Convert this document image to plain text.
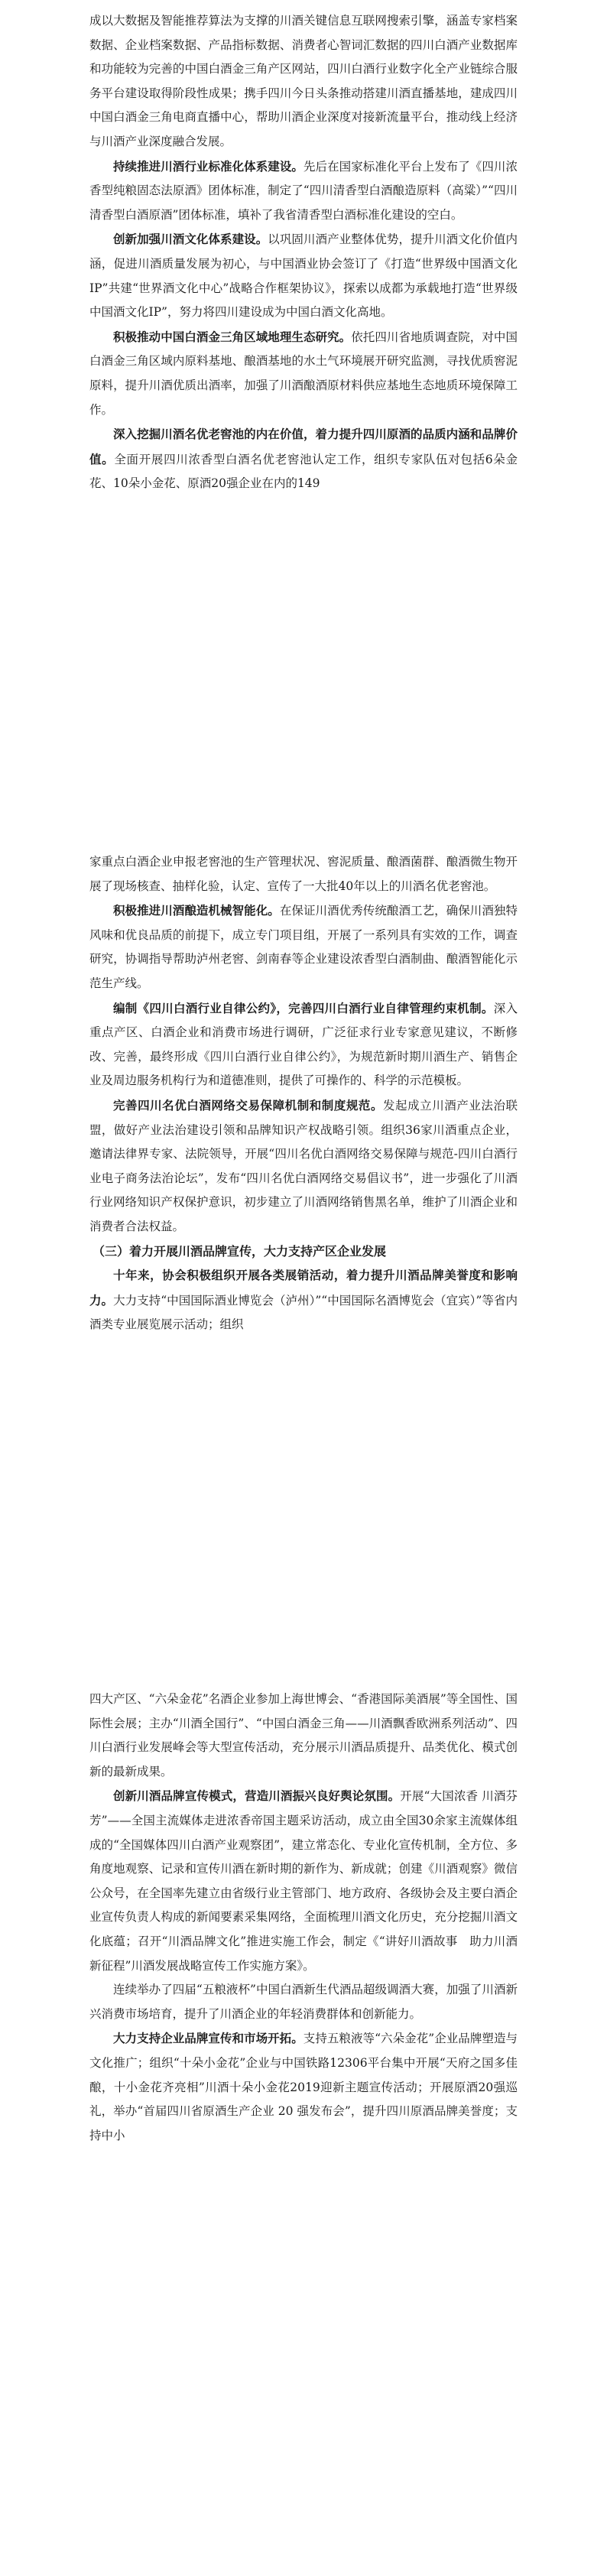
成以大数据及智能推荐算法为支撑的川酒关键信息互联网搜索引擎，涵盖专家档案数据、企业档案数据、产品指标数据、消费者心智词汇数据的四川白酒产业数据库和功能较为完善的中国白酒金三角产区网站，四川白酒行业数字化全产业链综合服务平台建设取得阶段性成果；携手四川今日头条推动搭建川酒直播基地，建成四川中国白酒金三角电商直播中心，帮助川酒企业深度对接新流量平台，推动线上经济与川酒产业深度融合发展。

持续推进川酒行业标准化体系建设。先后在国家标准化平台上发布了《四川浓香型纯粮固态法原酒》团体标准，制定了“四川清香型白酒酿造原料（高粱）”“四川清香型白酒原酒”团体标准，填补了我省清香型白酒标准化建设的空白。

创新加强川酒文化体系建设。以巩固川酒产业整体优势，提升川酒文化价值内涵，促进川酒质量发展为初心，与中国酒业协会签订了《打造“世界级中国酒文化IP”共建“世界酒文化中心”战略合作框架协议》，探索以成都为承载地打造“世界级中国酒文化IP”，努力将四川建设成为中国白酒文化高地。

积极推动中国白酒金三角区域地理生态研究。依托四川省地质调查院，对中国白酒金三角区域内原料基地、酿酒基地的水土气环境展开研究监测，寻找优质窖泥原料，提升川酒优质出酒率，加强了川酒酿酒原材料供应基地生态地质环境保障工作。

深入挖掘川酒名优老窖池的内在价值，着力提升四川原酒的品质内涵和品牌价值。全面开展四川浓香型白酒名优老窖池认定工作，组织专家队伍对包括6朵金花、10朵小金花、原酒20强企业在内的149

家重点白酒企业申报老窖池的生产管理状况、窖泥质量、酿酒菌群、酿酒微生物开展了现场核查、抽样化验，认定、宣传了一大批40年以上的川酒名优老窖池。

积极推进川酒酿造机械智能化。在保证川酒优秀传统酿酒工艺，确保川酒独特风味和优良品质的前提下，成立专门项目组，开展了一系列具有实效的工作，调查研究，协调指导帮助泸州老窖、剑南春等企业建设浓香型白酒制曲、酿酒智能化示范生产线。

编制《四川白酒行业自律公约》，完善四川白酒行业自律管理约束机制。深入重点产区、白酒企业和消费市场进行调研，广泛征求行业专家意见建议，不断修改、完善，最终形成《四川白酒行业自律公约》，为规范新时期川酒生产、销售企业及周边服务机构行为和道德准则，提供了可操作的、科学的示范模板。

完善四川名优白酒网络交易保障机制和制度规范。发起成立川酒产业法治联盟，做好产业法治建设引领和品牌知识产权战略引领。组织36家川酒重点企业，邀请法律界专家、法院领导，开展“四川名优白酒网络交易保障与规范-四川白酒行业电子商务法治论坛”，发布“四川名优白酒网络交易倡议书”，进一步强化了川酒行业网络知识产权保护意识，初步建立了川酒网络销售黑名单，维护了川酒企业和消费者合法权益。

（三）着力开展川酒品牌宣传，大力支持产区企业发展

十年来，协会积极组织开展各类展销活动，着力提升川酒品牌美誉度和影响力。大力支持“中国国际酒业博览会（泸州）”“中国国际名酒博览会（宜宾）”等省内酒类专业展览展示活动；组织

四大产区、“六朵金花”名酒企业参加上海世博会、“香港国际美酒展”等全国性、国际性会展；主办“川酒全国行”、“中国白酒金三角——川酒飘香欧洲系列活动”、四川白酒行业发展峰会等大型宣传活动，充分展示川酒品质提升、品类优化、模式创新的最新成果。

创新川酒品牌宣传模式，营造川酒振兴良好舆论氛围。开展“大国浓香 川酒芬芳”——全国主流媒体走进浓香帝国主题采访活动，成立由全国30余家主流媒体组成的“全国媒体四川白酒产业观察团”，建立常态化、专业化宣传机制，全方位、多角度地观察、记录和宣传川酒在新时期的新作为、新成就；创建《川酒观察》微信公众号，在全国率先建立由省级行业主管部门、地方政府、各级协会及主要白酒企业宣传负责人构成的新闻要素采集网络，全面梳理川酒文化历史，充分挖掘川酒文化底蕴；召开“川酒品牌文化”推进实施工作会，制定《“讲好川酒故事　助力川酒新征程”川酒发展战略宣传工作实施方案》。

连续举办了四届“五粮液杯”中国白酒新生代酒品超级调酒大赛，加强了川酒新兴消费市场培育，提升了川酒企业的年轻消费群体和创新能力。

大力支持企业品牌宣传和市场开拓。支持五粮液等“六朵金花”企业品牌塑造与文化推广；组织“十朵小金花”企业与中国铁路12306平台集中开展“天府之国多佳酿，十小金花齐亮相”川酒十朵小金花2019迎新主题宣传活动；开展原酒20强巡礼，举办“首届四川省原酒生产企业 20 强发布会”，提升四川原酒品牌美誉度；支持中小
